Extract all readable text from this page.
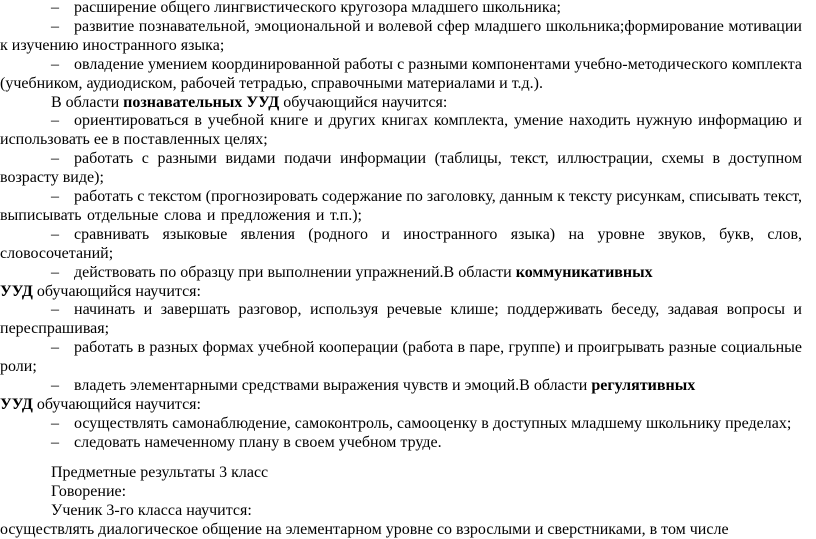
– расширение общего лингвистического кругозора младшего школьника;
– развитие познавательной, эмоциональной и волевой сфер младшего школьника;формирование мотивации
к изучению иностранного языка;
– овладение умением координированной работы с разными компонентами учебно-методического комплекта
(учебником, аудиодиском, рабочей тетрадью, справочными материалами и т.д.).
В области познавательных УУД обучающийся научится:
– ориентироваться в учебной книге и других книгах комплекта, умение находить нужную информацию и
использовать ее в поставленных целях;
– работать с разными видами подачи информации (таблицы, текст, иллюстрации, схемы в доступном
возрасту виде);
– работать с текстом (прогнозировать содержание по заголовку, данным к тексту рисункам, списывать текст,
выписывать отдельные слова и предложения и т.п.);
– сравнивать языковые явления (родного и иностранного языка) на уровне звуков, букв, слов,
словосочетаний;
– действовать по образцу при выполнении упражнений.В области коммуникативных
УУД обучающийся научится:
– начинать и завершать разговор, используя речевые клише; поддерживать беседу, задавая вопросы и
переспрашивая;
– работать в разных формах учебной кооперации (работа в паре, группе) и проигрывать разные социальные
роли;
– владеть элементарными средствами выражения чувств и эмоций.В области регулятивных
УУД обучающийся научится:
– осуществлять самонаблюдение, самоконтроль, самооценку в доступных младшему школьнику пределах;
– следовать намеченному плану в своем учебном труде.
Предметные результаты 3 класс
Говорение:
Ученик 3-го класса научится:
осуществлять диалогическое общение на элементарном уровне со взрослыми и сверстниками, в том числе
